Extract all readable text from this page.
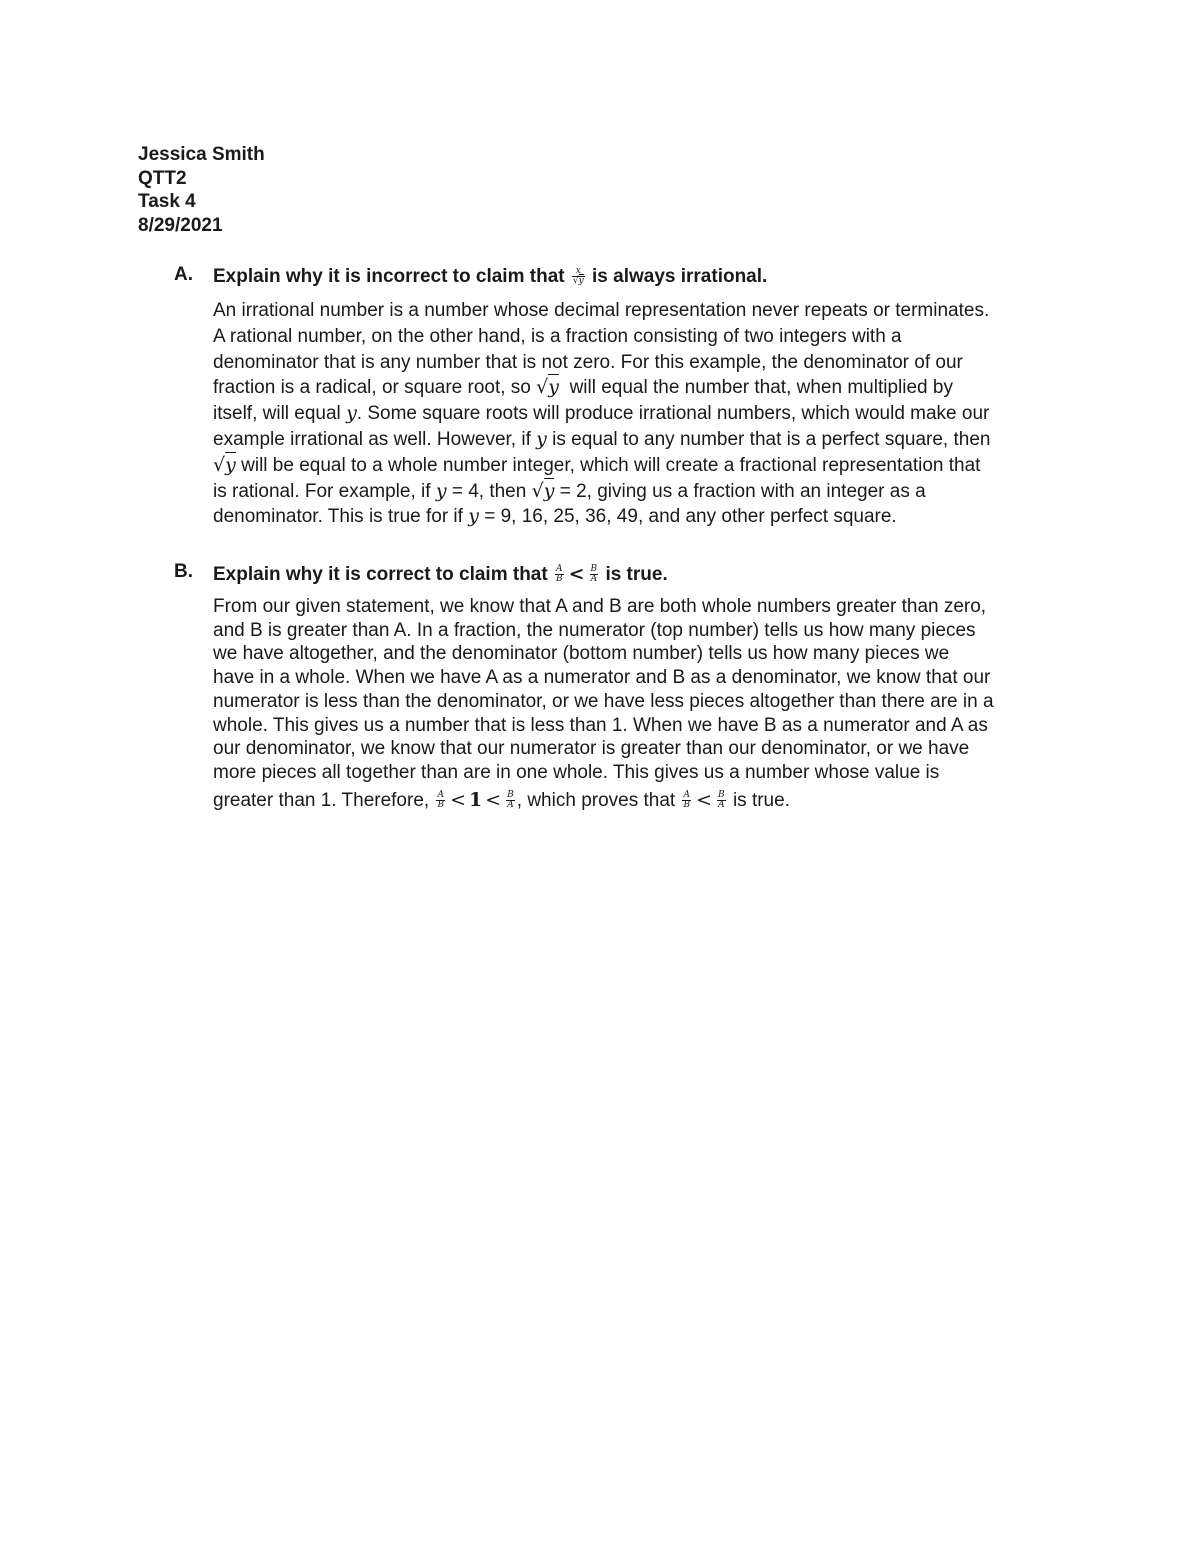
Jessica Smith
QTT2
Task 4
8/29/2021
A. Explain why it is incorrect to claim that $\frac{x}{√y}$ is always irrational.
An irrational number is a number whose decimal representation never repeats or terminates.
A rational number, on the other hand, is a fraction consisting of two integers with a
denominator that is any number that is not zero. For this example, the denominator of our
fraction is a radical, or square root, so √y will equal the number that, when multiplied by
itself, will equal y. Some square roots will produce irrational numbers, which would make our
example irrational as well. However, if y is equal to any number that is a perfect square, then
√y will be equal to a whole number integer, which will create a fractional representation that
is rational. For example, if y = 4, then √y = 2, giving us a fraction with an integer as a
denominator. This is true for if y = 9, 16, 25, 36, 49, and any other perfect square.
B. Explain why it is correct to claim that $\frac{A}{B} < \frac{B}{A}$ is true.
From our given statement, we know that A and B are both whole numbers greater than zero,
and B is greater than A. In a fraction, the numerator (top number) tells us how many pieces
we have altogether, and the denominator (bottom number) tells us how many pieces we
have in a whole. When we have A as a numerator and B as a denominator, we know that our
numerator is less than the denominator, or we have less pieces altogether than there are in a
whole. This gives us a number that is less than 1. When we have B as a numerator and A as
our denominator, we know that our numerator is greater than our denominator, or we have
more pieces all together than are in one whole. This gives us a number whose value is
greater than 1. Therefore, $\frac{A}{B} < 1 < \frac{B}{A}$ , which proves that $\frac{A}{B} < \frac{B}{A}$ is true.
